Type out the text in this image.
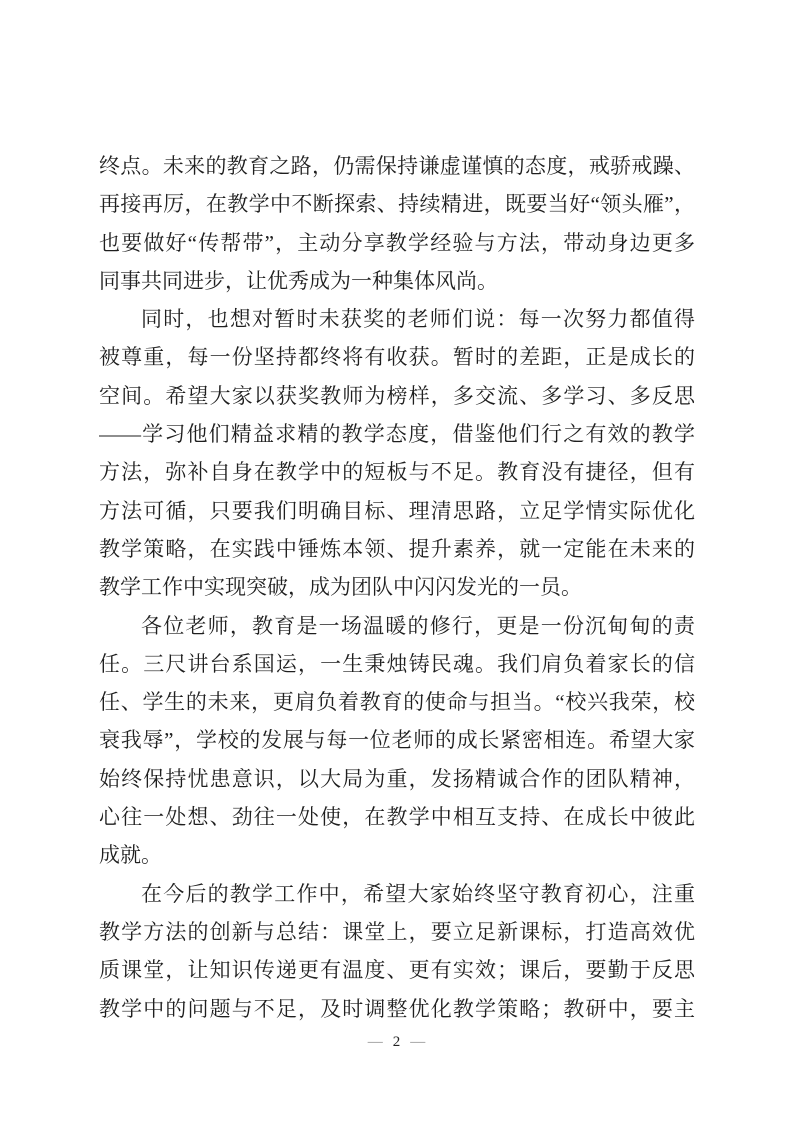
终点。未来的教育之路，仍需保持谦虚谨慎的态度，戒骄戒躁、
再接再厉，在教学中不断探索、持续精进，既要当好“领头雁”，
也要做好“传帮带”，主动分享教学经验与方法，带动身边更多
同事共同进步，让优秀成为一种集体风尚。
同时，也想对暂时未获奖的老师们说：每一次努力都值得
被尊重，每一份坚持都终将有收获。暂时的差距，正是成长的
空间。希望大家以获奖教师为榜样，多交流、多学习、多反思
——学习他们精益求精的教学态度，借鉴他们行之有效的教学
方法，弥补自身在教学中的短板与不足。教育没有捷径，但有
方法可循，只要我们明确目标、理清思路，立足学情实际优化
教学策略，在实践中锤炼本领、提升素养，就一定能在未来的
教学工作中实现突破，成为团队中闪闪发光的一员。
各位老师，教育是一场温暖的修行，更是一份沉甸甸的责
任。三尺讲台系国运，一生秉烛铸民魂。我们肩负着家长的信
任、学生的未来，更肩负着教育的使命与担当。“校兴我荣，校
衰我辱”，学校的发展与每一位老师的成长紧密相连。希望大家
始终保持忧患意识，以大局为重，发扬精诚合作的团队精神，
心往一处想、劲往一处使，在教学中相互支持、在成长中彼此
成就。
在今后的教学工作中，希望大家始终坚守教育初心，注重
教学方法的创新与总结：课堂上，要立足新课标，打造高效优
质课堂，让知识传递更有温度、更有实效；课后，要勤于反思
教学中的问题与不足，及时调整优化教学策略；教研中，要主
— 2 —
